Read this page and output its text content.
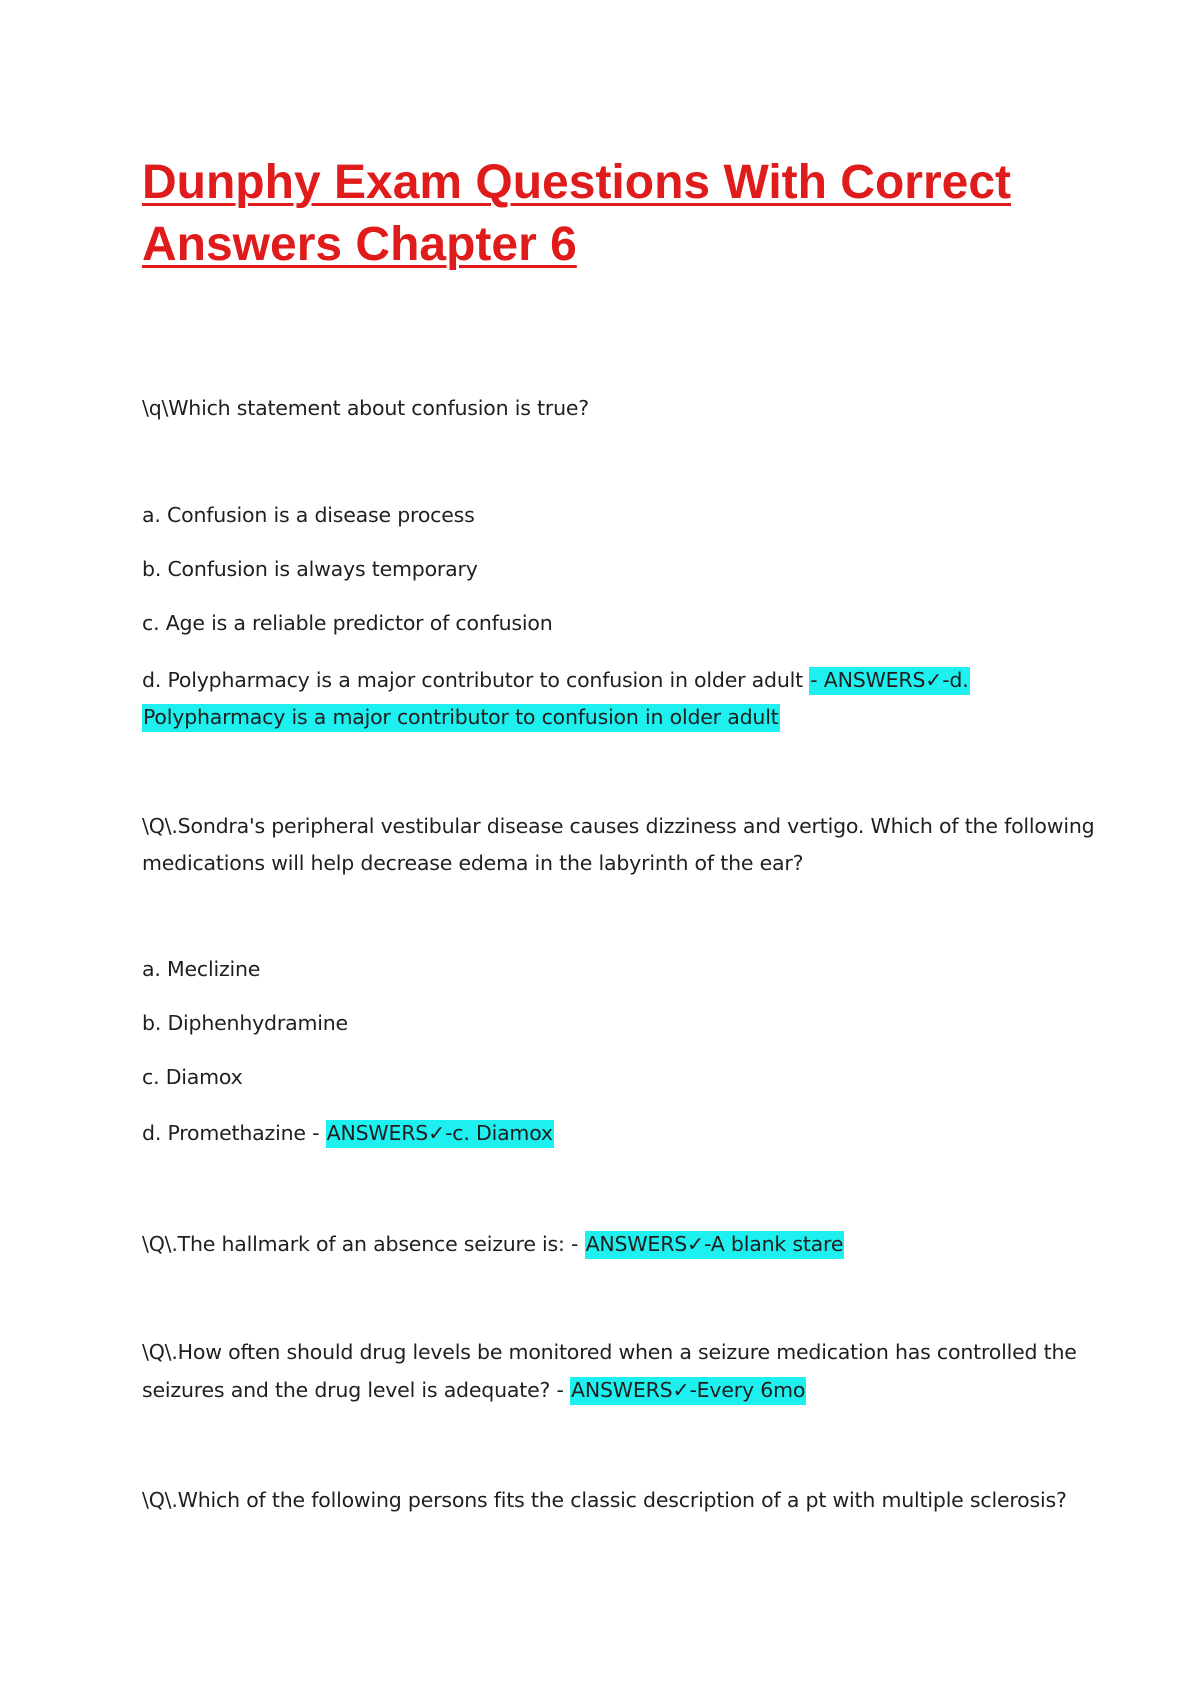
Dunphy Exam Questions With Correct Answers Chapter 6
\q\Which statement about confusion is true?
a. Confusion is a disease process
b. Confusion is always temporary
c. Age is a reliable predictor of confusion
d. Polypharmacy is a major contributor to confusion in older adult - ANSWERS✓-d.
Polypharmacy is a major contributor to confusion in older adult
\Q\.Sondra's peripheral vestibular disease causes dizziness and vertigo. Which of the following
medications will help decrease edema in the labyrinth of the ear?
a. Meclizine
b. Diphenhydramine
c. Diamox
d. Promethazine - ANSWERS✓-c. Diamox
\Q\.The hallmark of an absence seizure is: - ANSWERS✓-A blank stare
\Q\.How often should drug levels be monitored when a seizure medication has controlled the
seizures and the drug level is adequate? - ANSWERS✓-Every 6mo
\Q\.Which of the following persons fits the classic description of a pt with multiple sclerosis?
